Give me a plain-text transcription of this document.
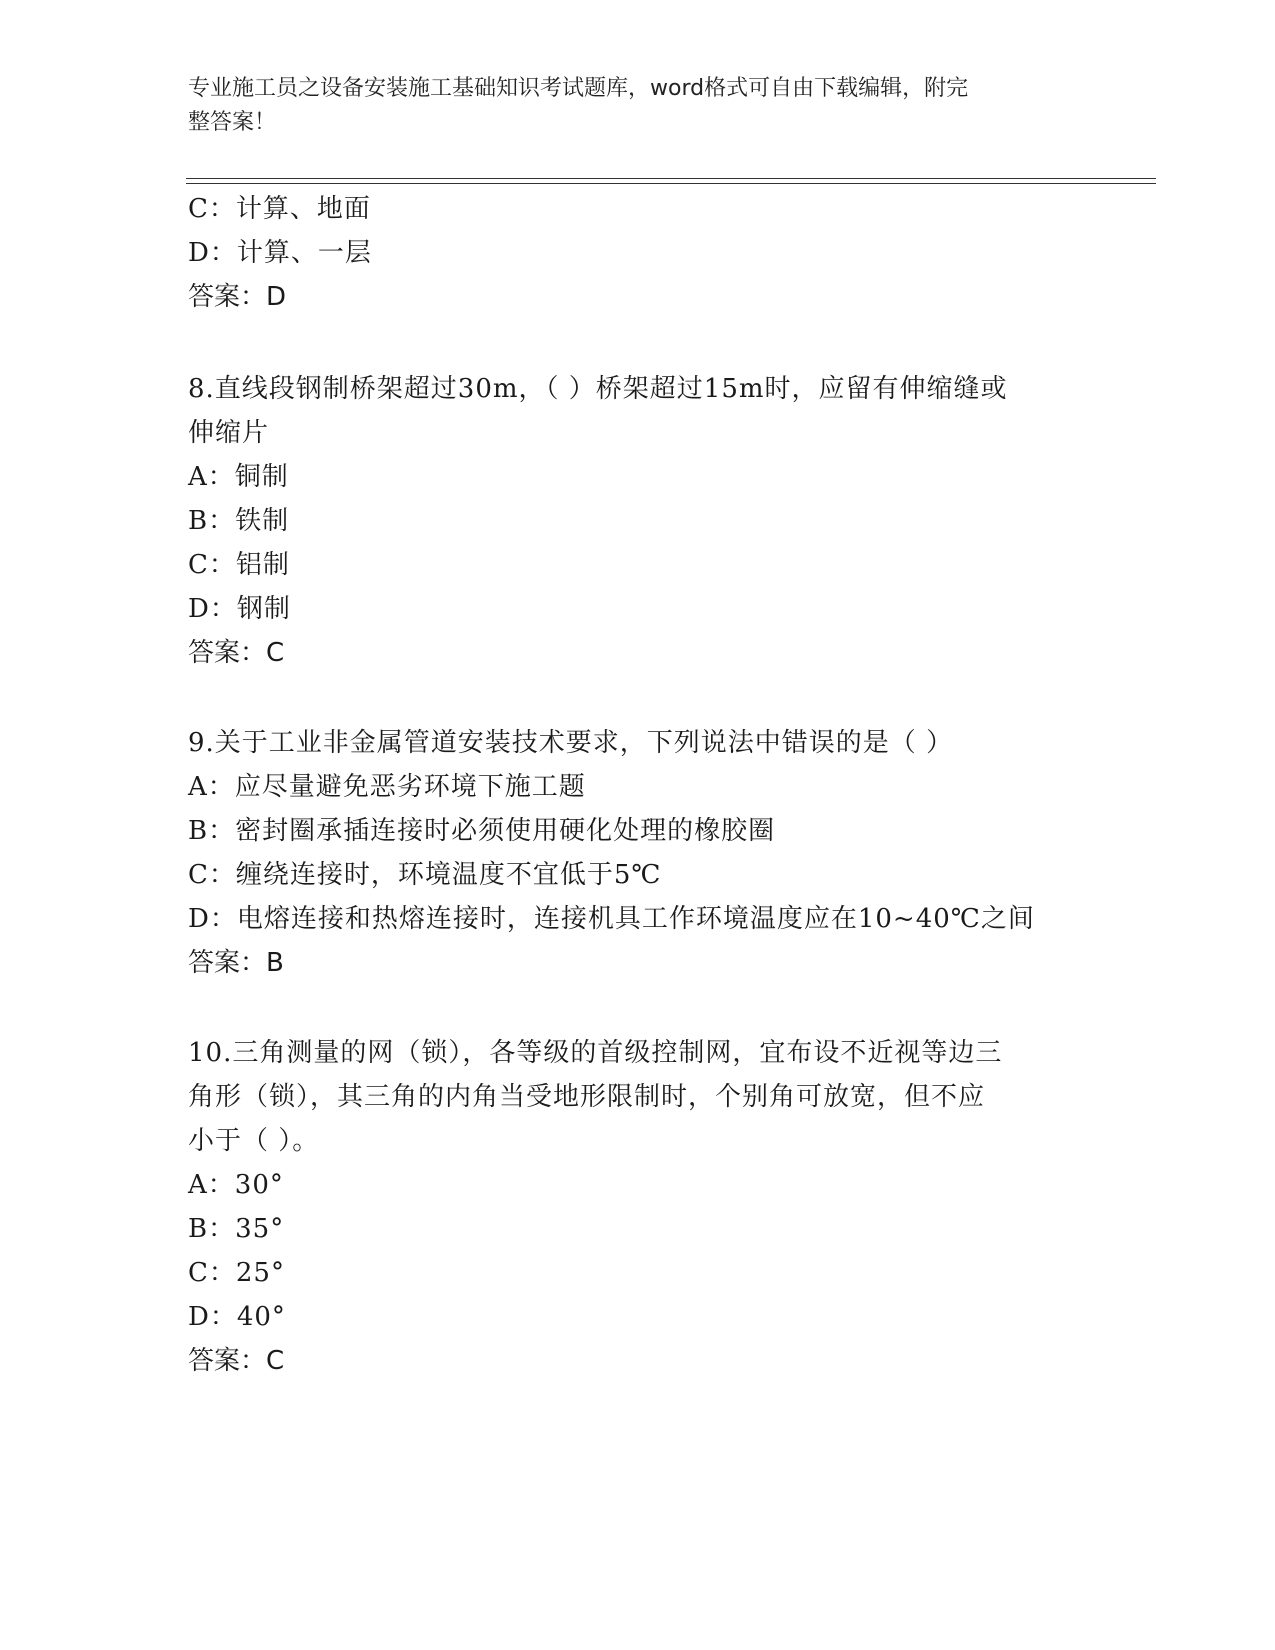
专业施工员之设备安装施工基础知识考试题库，word格式可自由下载编辑，附完
整答案！
C：计算、地面
D：计算、一层
答案：D
8.直线段钢制桥架超过30m，（ ）桥架超过15m时，应留有伸缩缝或
伸缩片
A：铜制
B：铁制
C：铝制
D：钢制
答案：C
9.关于工业非金属管道安装技术要求，下列说法中错误的是（ ）
A：应尽量避免恶劣环境下施工题
B：密封圈承插连接时必须使用硬化处理的橡胶圈
C：缠绕连接时，环境温度不宜低于5℃
D：电熔连接和热熔连接时，连接机具工作环境温度应在10~40℃之间
答案：B
10.三角测量的网（锁），各等级的首级控制网，宜布设不近视等边三
角形（锁），其三角的内角当受地形限制时，个别角可放宽，但不应
小于（ ）。
A：30°
B：35°
C：25°
D：40°
答案：C
